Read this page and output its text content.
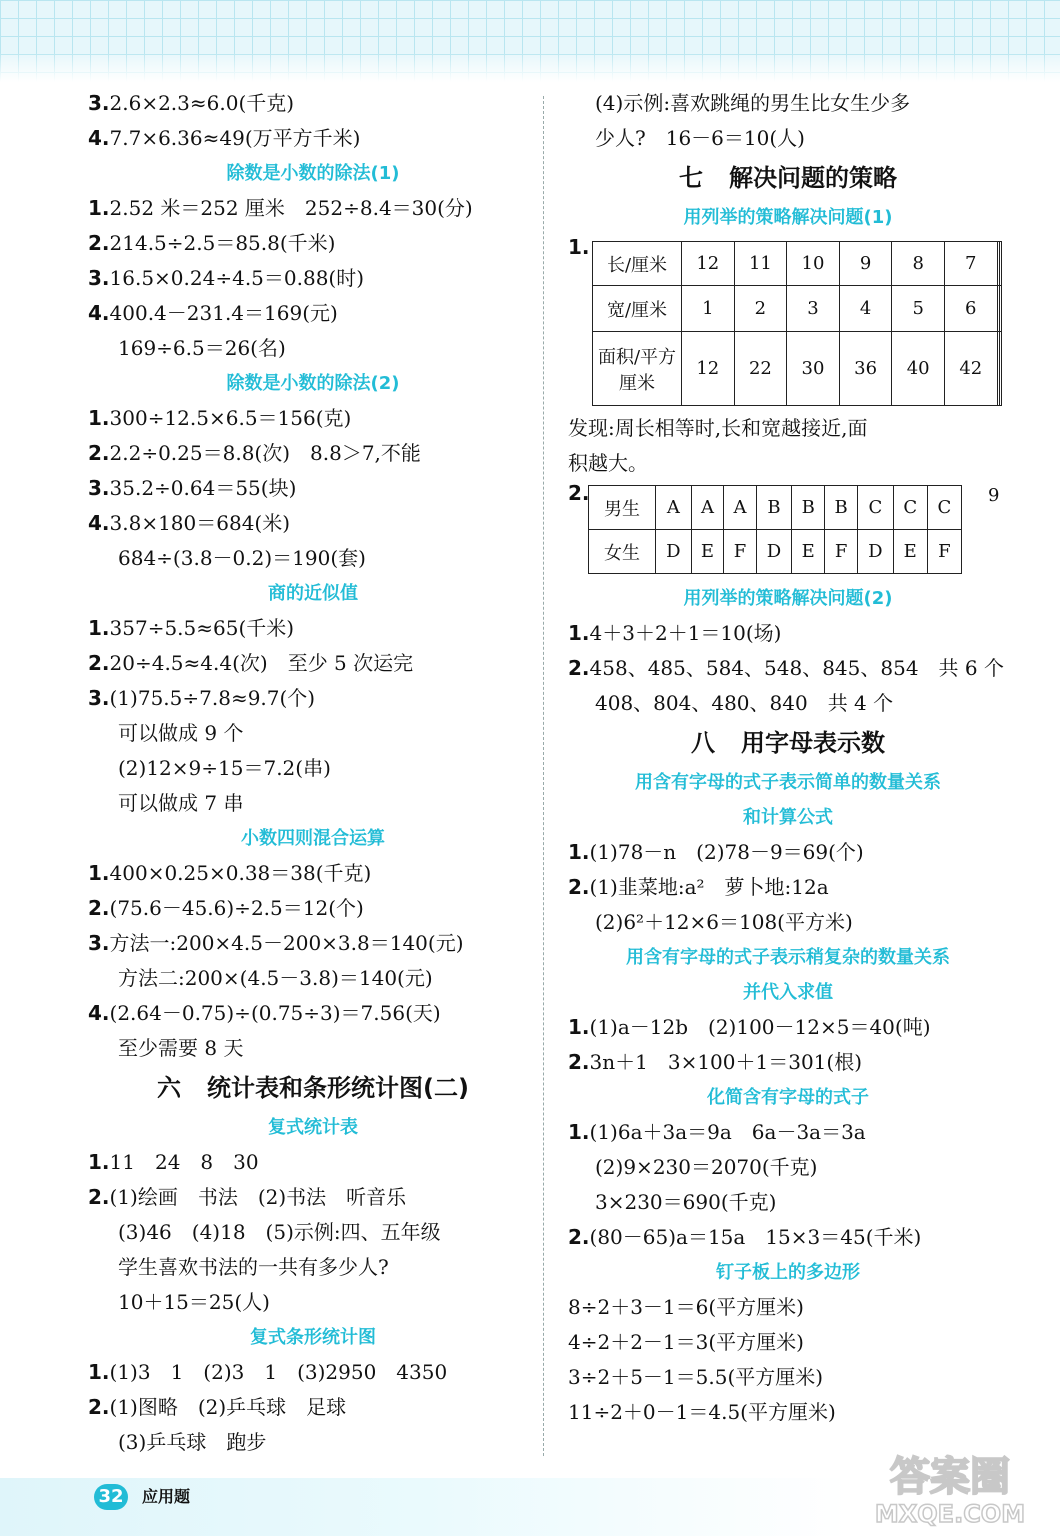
3.2.6×2.3≈6.0(千克)
4.7.7×6.36≈49(万平方千米)
除数是小数的除法(1)
1.2.52 米＝252 厘米　252÷8.4＝30(分)
2.214.5÷2.5＝85.8(千米)
3.16.5×0.24÷4.5＝0.88(时)
4.400.4－231.4＝169(元)
169÷6.5＝26(名)
除数是小数的除法(2)
1.300÷12.5×6.5＝156(克)
2.2.2÷0.25＝8.8(次)　8.8＞7,不能
3.35.2÷0.64＝55(块)
4.3.8×180＝684(米)
684÷(3.8－0.2)＝190(套)
商的近似值
1.357÷5.5≈65(千米)
2.20÷4.5≈4.4(次)　至少 5 次运完
3.(1)75.5÷7.8≈9.7(个)
可以做成 9 个
(2)12×9÷15＝7.2(串)
可以做成 7 串
小数四则混合运算
1.400×0.25×0.38＝38(千克)
2.(75.6－45.6)÷2.5＝12(个)
3.方法一:200×4.5－200×3.8＝140(元)
方法二:200×(4.5－3.8)＝140(元)
4.(2.64－0.75)÷(0.75÷3)＝7.56(天)
至少需要 8 天
六 统计表和条形统计图(二)
复式统计表
1.11　24　8　30
2.(1)绘画　书法　(2)书法　听音乐
(3)46　(4)18　(5)示例:四、五年级
学生喜欢书法的一共有多少人?
10＋15＝25(人)
复式条形统计图
1.(1)3　1　(2)3　1　(3)2950　4350
2.(1)图略　(2)乒乓球　足球
(3)乒乓球　跑步
(4)示例:喜欢跳绳的男生比女生少多
少人?　16－6＝10(人)
七 解决问题的策略
用列举的策略解决问题(1)
1.
长/厘米	12	11	10	9	8	7		
宽/厘米	1	2	3	4	5	6		
面积/平方厘米	12	22	30	36	40	42		
发现:周长相等时,长和宽越接近,面
积越大。
2.
男生	A	A	A	B	B	B	C	C	C
女生	D	E	F	D	E	F	D	E	F
9
用列举的策略解决问题(2)
1.4＋3＋2＋1＝10(场)
2.458、485、584、548、845、854　共 6 个
408、804、480、840　共 4 个
八 用字母表示数
用含有字母的式子表示简单的数量关系
和计算公式
1.(1)78－n　(2)78－9＝69(个)
2.(1)韭菜地:a²　萝卜地:12a
(2)6²＋12×6＝108(平方米)
用含有字母的式子表示稍复杂的数量关系
并代入求值
1.(1)a－12b　(2)100－12×5＝40(吨)
2.3n＋1　3×100＋1＝301(根)
化简含有字母的式子
1.(1)6a＋3a＝9a　6a－3a＝3a
(2)9×230＝2070(千克)
3×230＝690(千克)
2.(80－65)a＝15a　15×3＝45(千米)
钉子板上的多边形
8÷2＋3－1＝6(平方厘米)
4÷2＋2－1＝3(平方厘米)
3÷2＋5－1＝5.5(平方厘米)
11÷2＋0－1＝4.5(平方厘米)
32 应用题	答案圈
MXQE.COM
